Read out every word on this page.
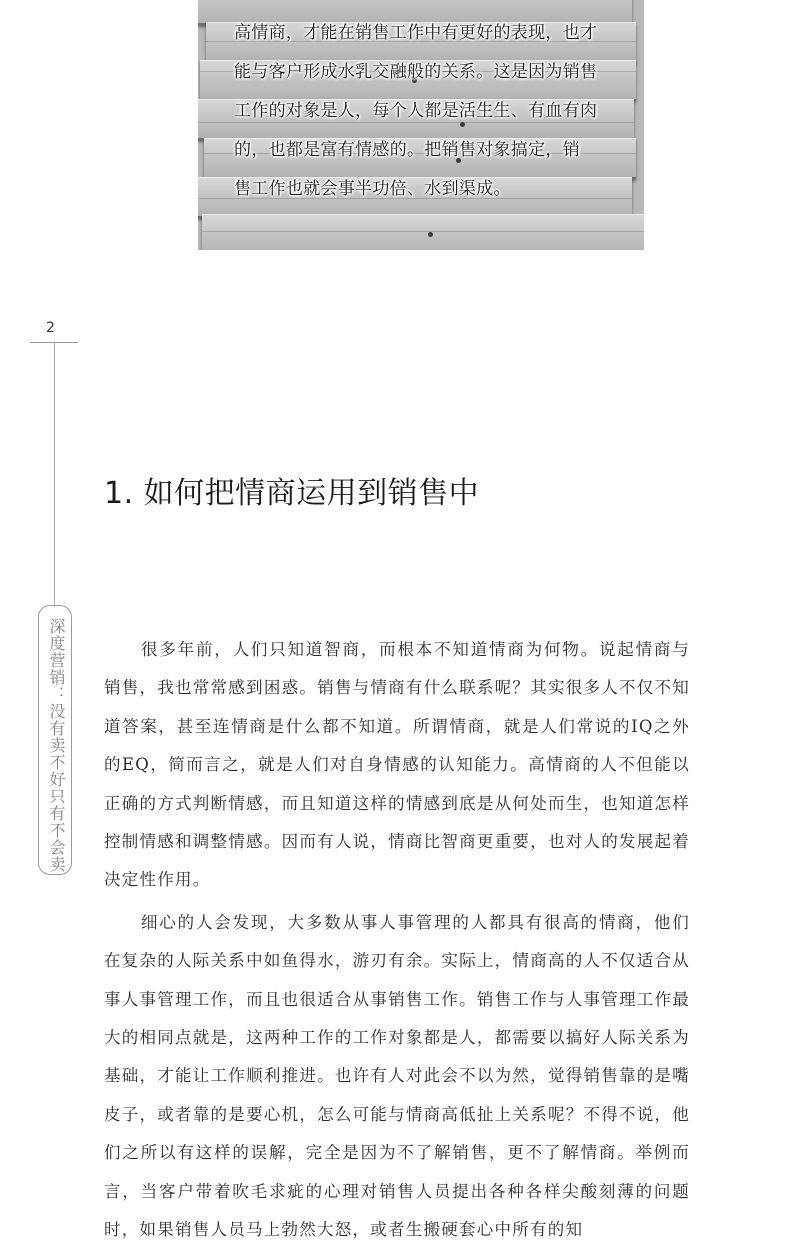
高情商，才能在销售工作中有更好的表现，也才
能与客户形成水乳交融般的关系。这是因为销售
工作的对象是人，每个人都是活生生、有血有肉
的，也都是富有情感的。把销售对象搞定，销
售工作也就会事半功倍、水到渠成。
2
深度营销：没有卖不好只有不会卖
1. 如何把情商运用到销售中

很多年前，人们只知道智商，而根本不知道情商为何物。说起情商与销售，我也常常感到困惑。销售与情商有什么联系呢？其实很多人不仅不知道答案，甚至连情商是什么都不知道。所谓情商，就是人们常说的IQ之外的EQ，简而言之，就是人们对自身情感的认知能力。高情商的人不但能以正确的方式判断情感，而且知道这样的情感到底是从何处而生，也知道怎样控制情感和调整情感。因而有人说，情商比智商更重要，也对人的发展起着决定性作用。

细心的人会发现，大多数从事人事管理的人都具有很高的情商，他们在复杂的人际关系中如鱼得水，游刃有余。实际上，情商高的人不仅适合从事人事管理工作，而且也很适合从事销售工作。销售工作与人事管理工作最大的相同点就是，这两种工作的工作对象都是人，都需要以搞好人际关系为基础，才能让工作顺利推进。也许有人对此会不以为然，觉得销售靠的是嘴皮子，或者靠的是要心机，怎么可能与情商高低扯上关系呢？不得不说，他们之所以有这样的误解，完全是因为不了解销售，更不了解情商。举例而言，当客户带着吹毛求疵的心理对销售人员提出各种各样尖酸刻薄的问题时，如果销售人员马上勃然大怒，或者生搬硬套心中所有的知
